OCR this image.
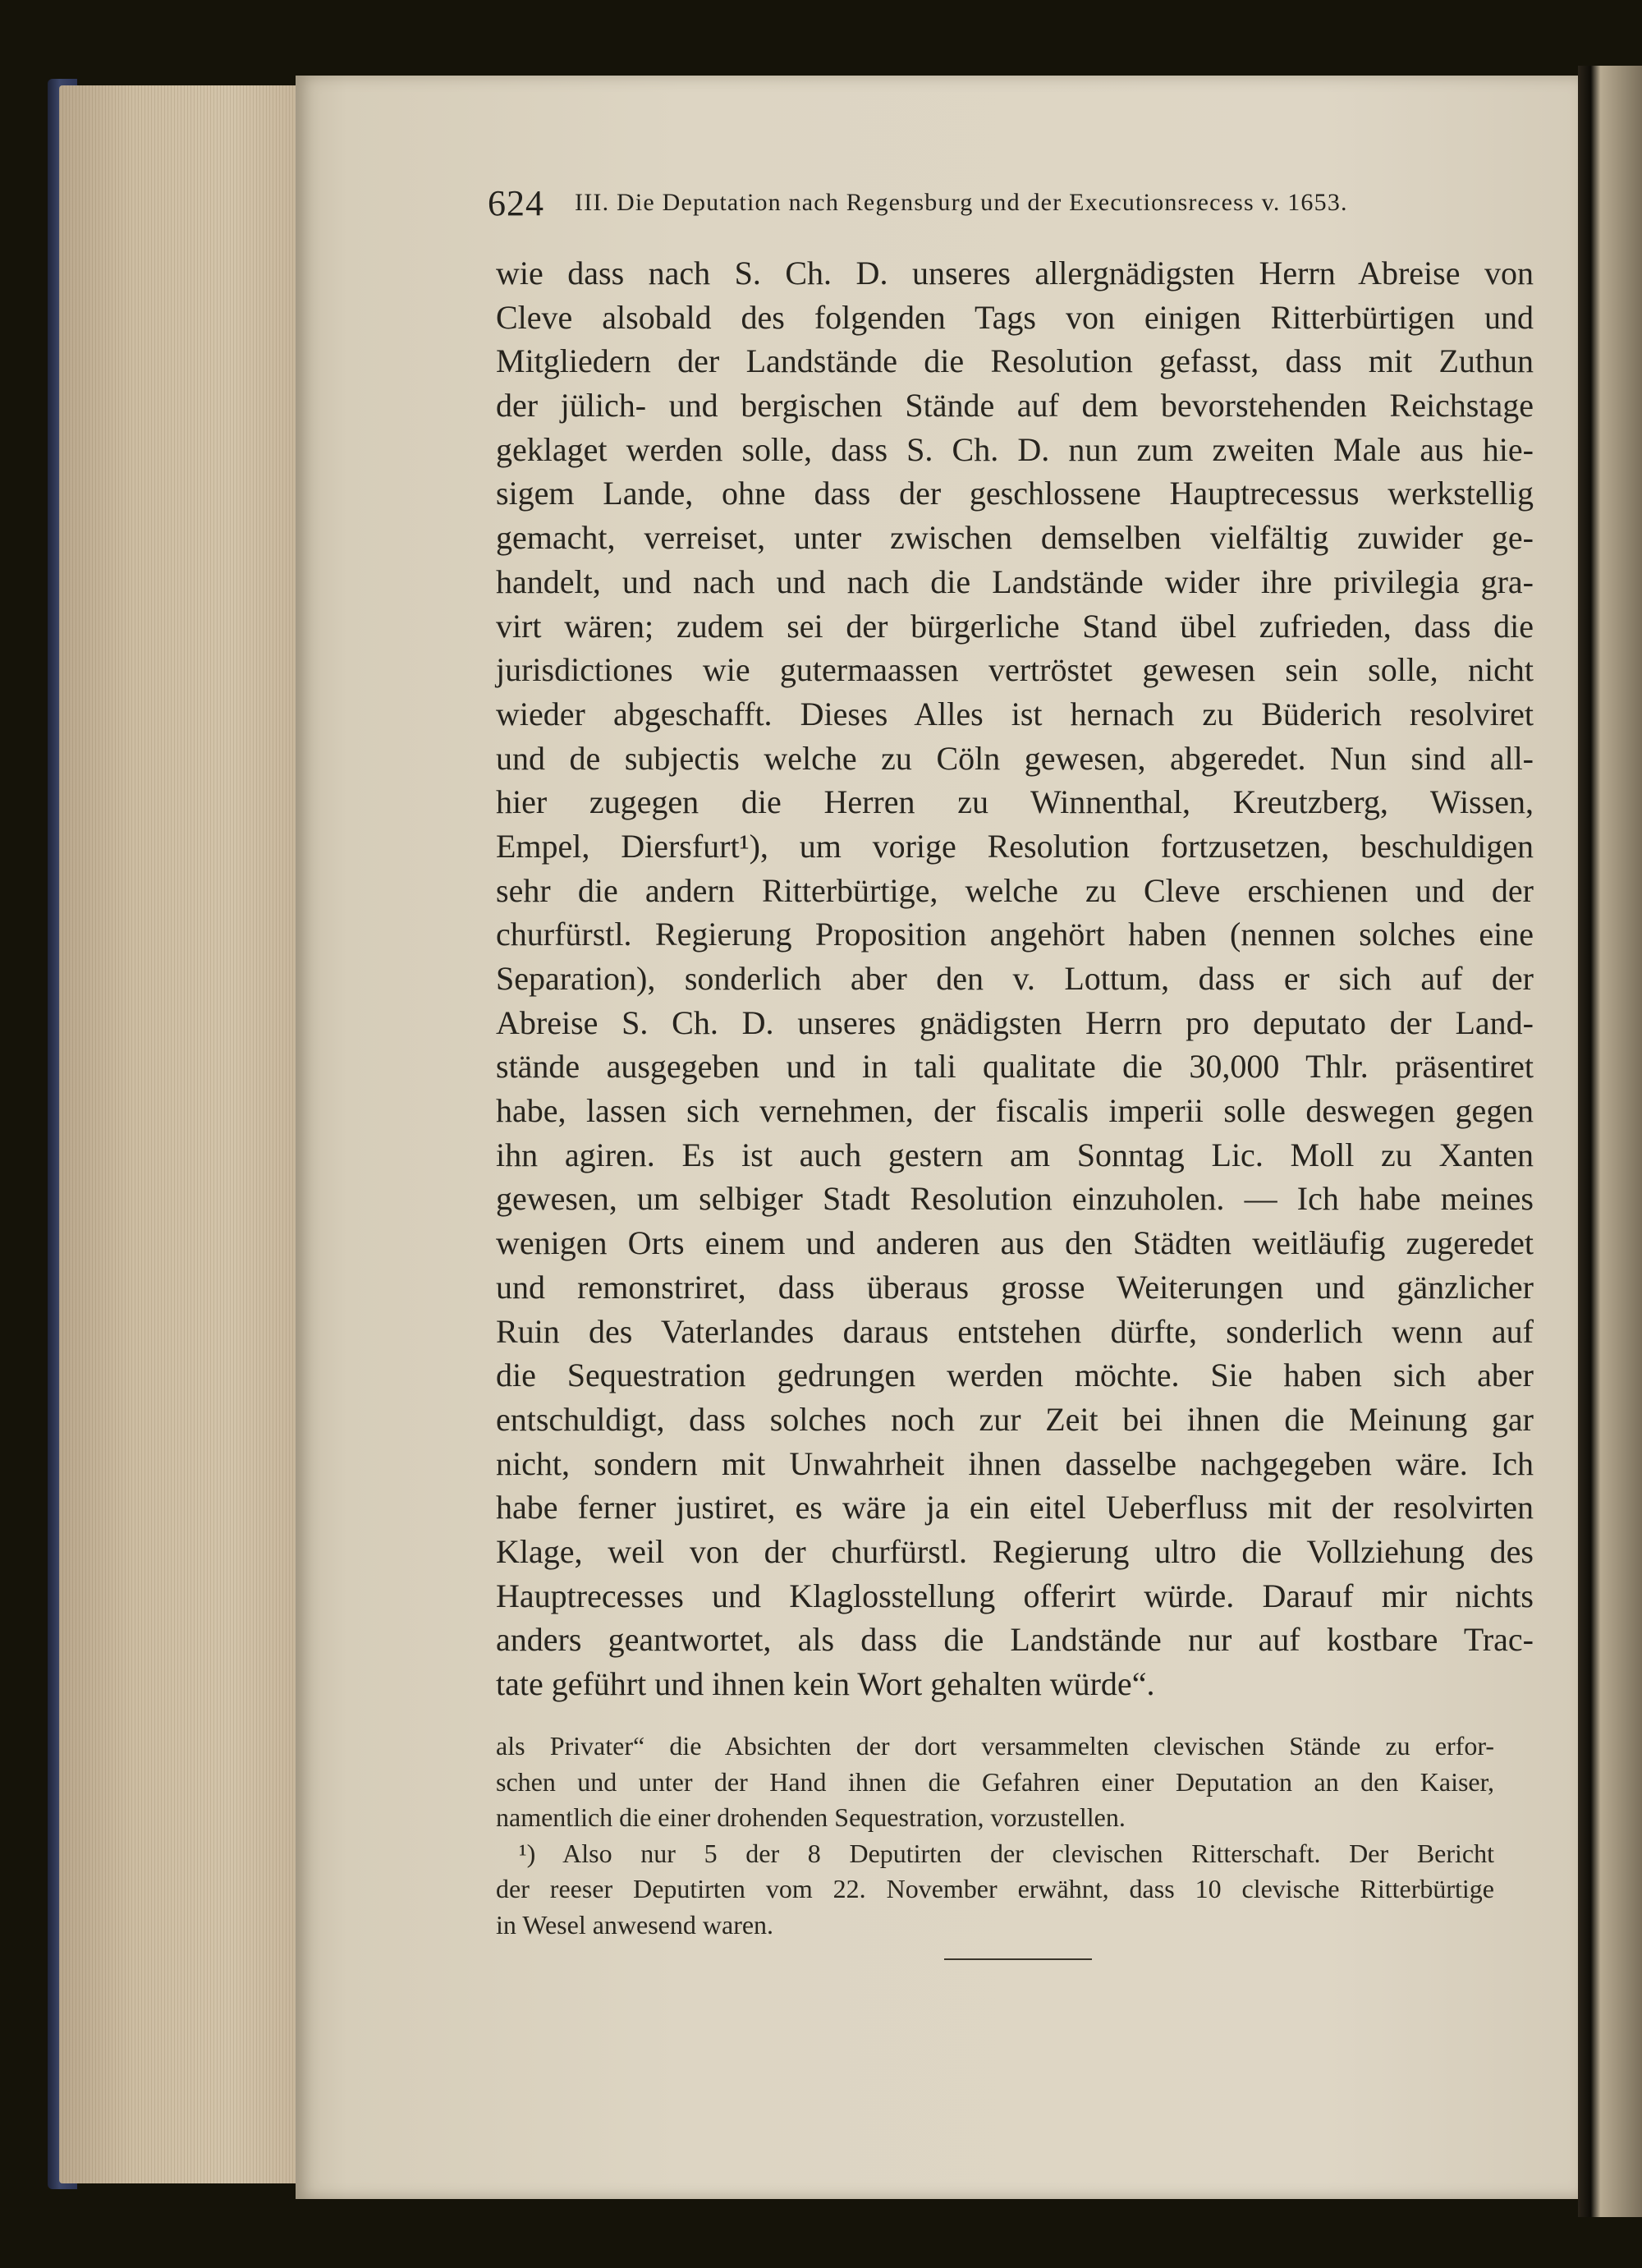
624 III. Die Deputation nach Regensburg und der Executionsrecess v. 1653.
wie dass nach S. Ch. D. unseres allergnädigsten Herrn Abreise von
Cleve alsobald des folgenden Tags von einigen Ritterbürtigen und
Mitgliedern der Landstände die Resolution gefasst, dass mit Zuthun
der jülich- und bergischen Stände auf dem bevorstehenden Reichstage
geklaget werden solle, dass S. Ch. D. nun zum zweiten Male aus hie-
sigem Lande, ohne dass der geschlossene Hauptrecessus werkstellig
gemacht, verreiset, unter zwischen demselben vielfältig zuwider ge-
handelt, und nach und nach die Landstände wider ihre privilegia gra-
virt wären; zudem sei der bürgerliche Stand übel zufrieden, dass die
jurisdictiones wie gutermaassen vertröstet gewesen sein solle, nicht
wieder abgeschafft. Dieses Alles ist hernach zu Büderich resolviret
und de subjectis welche zu Cöln gewesen, abgeredet. Nun sind all-
hier zugegen die Herren zu Winnenthal, Kreutzberg, Wissen,
Empel, Diersfurt¹), um vorige Resolution fortzusetzen, beschuldigen
sehr die andern Ritterbürtige, welche zu Cleve erschienen und der
churfürstl. Regierung Proposition angehört haben (nennen solches eine
Separation), sonderlich aber den v. Lottum, dass er sich auf der
Abreise S. Ch. D. unseres gnädigsten Herrn pro deputato der Land-
stände ausgegeben und in tali qualitate die 30,000 Thlr. präsentiret
habe, lassen sich vernehmen, der fiscalis imperii solle deswegen gegen
ihn agiren. Es ist auch gestern am Sonntag Lic. Moll zu Xanten
gewesen, um selbiger Stadt Resolution einzuholen. — Ich habe meines
wenigen Orts einem und anderen aus den Städten weitläufig zugeredet
und remonstriret, dass überaus grosse Weiterungen und gänzlicher
Ruin des Vaterlandes daraus entstehen dürfte, sonderlich wenn auf
die Sequestration gedrungen werden möchte. Sie haben sich aber
entschuldigt, dass solches noch zur Zeit bei ihnen die Meinung gar
nicht, sondern mit Unwahrheit ihnen dasselbe nachgegeben wäre. Ich
habe ferner justiret, es wäre ja ein eitel Ueberfluss mit der resolvirten
Klage, weil von der churfürstl. Regierung ultro die Vollziehung des
Hauptrecesses und Klaglosstellung offerirt würde. Darauf mir nichts
anders geantwortet, als dass die Landstände nur auf kostbare Trac-
tate geführt und ihnen kein Wort gehalten würde“.
als Privater“ die Absichten der dort versammelten clevischen Stände zu erfor-
schen und unter der Hand ihnen die Gefahren einer Deputation an den Kaiser,
namentlich die einer drohenden Sequestration, vorzustellen.
¹) Also nur 5 der 8 Deputirten der clevischen Ritterschaft. Der Bericht
der reeser Deputirten vom 22. November erwähnt, dass 10 clevische Ritterbürtige
in Wesel anwesend waren.
